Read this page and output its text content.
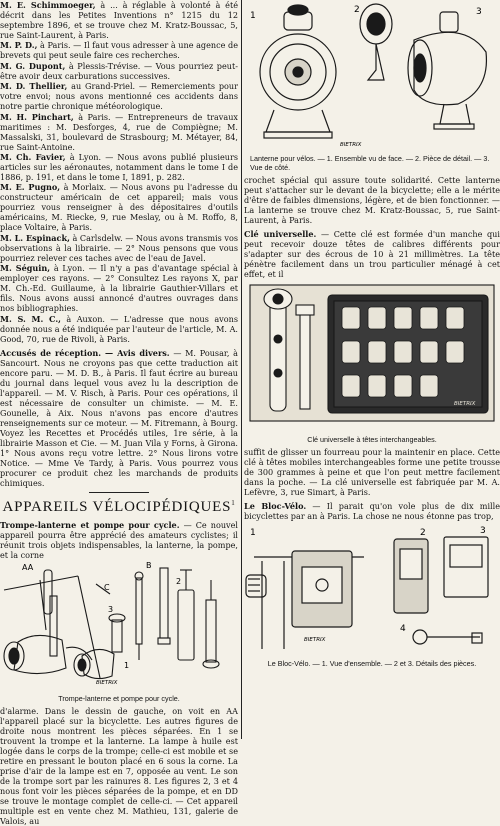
M. E. Schimmoeger, à ... à réglable à volonté à été décrit dans les Petites Inventions n° 1215 du 12 septembre 1896, et se trouve chez M. Kratz-Boussac, 5, rue Saint-Laurent, à Paris.

M. P. D., à Paris. — Il faut vous adresser à une agence de brevets qui peut seule faire ces recherches.

M. G. Dupont, à Plessis-Trévise. — Vous pourriez peut-être avoir deux carburations successives.

M. D. Thellier, au Grand-Priel. — Remerciements pour votre envoi; nous avons mentionné ces accidents dans notre partie chronique météorologique.

M. H. Pinchart, à Paris. — Entrepreneurs de travaux maritimes : M. Desforges, 4, rue de Compiègne; M. Massalski, 31, boulevard de Strasbourg; M. Métayer, 84, rue Saint-Antoine.

M. Ch. Favier, à Lyon. — Nous avons publié plusieurs articles sur les aéronautes, notamment dans le tome I de 1886, p. 191, et dans le tome I, 1891, p. 282.

M. E. Pugno, à Morlaix. — Nous avons pu l'adresse du constructeur américain de cet appareil; mais vous pourriez vous renseigner à des dépositaires d'outils américains, M. Riecke, 9, rue Meslay, ou à M. Roffo, 8, place Voltaire, à Paris.

M. L. Espinack, à Carlsdelw. — Nous avons transmis vos observations à la librairie. — 2° Nous pensons que vous pourriez relever ces taches avec de l'eau de Javel.

M. Séguin, à Lyon. — Il n'y a pas d'avantage spécial à employer ces rayons. — 2° Consultez Les rayons X, par M. Ch.-Ed. Guillaume, à la librairie Gauthier-Villars et fils. Nous avons aussi annoncé d'autres ouvrages dans nos bibliographies.

M. S. M. C., à Auxon. — L'adresse que nous avons donnée nous a été indiquée par l'auteur de l'article, M. A. Good, 70, rue de Rivoli, à Paris.

Accusés de réception. — Avis divers. — M. Pousar, à Sancourt. Nous ne croyons pas que cette traduction ait encore paru. — M. D. B., à Paris. Il faut écrire au bureau du journal dans lequel vous avez lu la description de l'appareil. — M. V. Risch, à Paris. Pour ces opérations, il est nécessaire de consulter un chimiste. — M. E. Gounelle, à Aix. Nous n'avons pas encore d'autres renseignements sur ce moteur. — M. Fitremann, à Bourg. Voyez les Recettes et Procédés utiles, 1re série, à la librairie Masson et Cie. — M. Juan Vila y Forns, à Girona. 1° Nous avons reçu votre lettre. 2° Nous lirons votre Notice. — Mme Ve Tardy, à Paris. Vous pourrez vous procurer ce produit chez les marchands de produits chimiques.

APPAREILS VÉLOCIPÉDIQUES$^1$

Trompe-lanterne et pompe pour cycle. — Ce nouvel appareil pourra être apprécié des amateurs cyclistes; il réunit trois objets indispensables, la lanterne, la pompe, et la corne

AA
C
B
3
1
2
BIETRIX
Trompe-lanterne et pompe pour cycle.

d'alarme. Dans le dessin de gauche, on voit en AA l'appareil placé sur la bicyclette. Les autres figures de droite nous montrent les pièces séparées. En 1 se trouvent la trompe et la lanterne. La lampe à huile est logée dans le corps de la trompe; celle-ci est mobile et se retire en pressant le bouton placé en 6 sous la corne. La prise d'air de la lampe est en 7, opposée au vent. Le son de la trompe sort par les rainures 8. Les figures 2, 3 et 4 nous font voir les pièces séparées de la pompe, et en DD se trouve le montage complet de celle-ci. — Cet appareil multiple est en vente chez M. Mathieu, 131, galerie de Valois, au

1
2	3
BIETRIX
Lanterne pour vélos. — 1. Ensemble vu de face. — 2. Pièce de détail. — 3. Vue de côté.

crochet spécial qui assure toute solidarité. Cette lanterne peut s'attacher sur le devant de la bicyclette; elle a le mérite d'être de faibles dimensions, légère, et de bien fonctionner. — La lanterne se trouve chez M. Kratz-Boussac, 5, rue Saint-Laurent, à Paris.

Clé universelle. — Cette clé est formée d'un manche qui peut recevoir douze têtes de calibres différents pour s'adapter sur des écrous de 10 à 21 millimètres. La tête pénètre facilement dans un trou particulier ménagé à cet effet, et il

BIETRIX
Clé universelle à têtes interchangeables.

suffit de glisser un fourreau pour la maintenir en place. Cette clé à têtes mobiles interchangeables forme une petite trousse de 300 grammes à peine et que l'on peut mettre facilement dans la poche. — La clé universelle est fabriquée par M. A. Lefèvre, 3, rue Simart, à Paris.

Le Bloc-Vélo. — Il parait qu'on vole plus de dix mille bicyclettes par an à Paris. La chose ne nous étonne pas trop,

1	2	3
4
BIETRIX
Le Bloc-Vélo. — 1. Vue d'ensemble. — 2 et 3. Détails des pièces.
